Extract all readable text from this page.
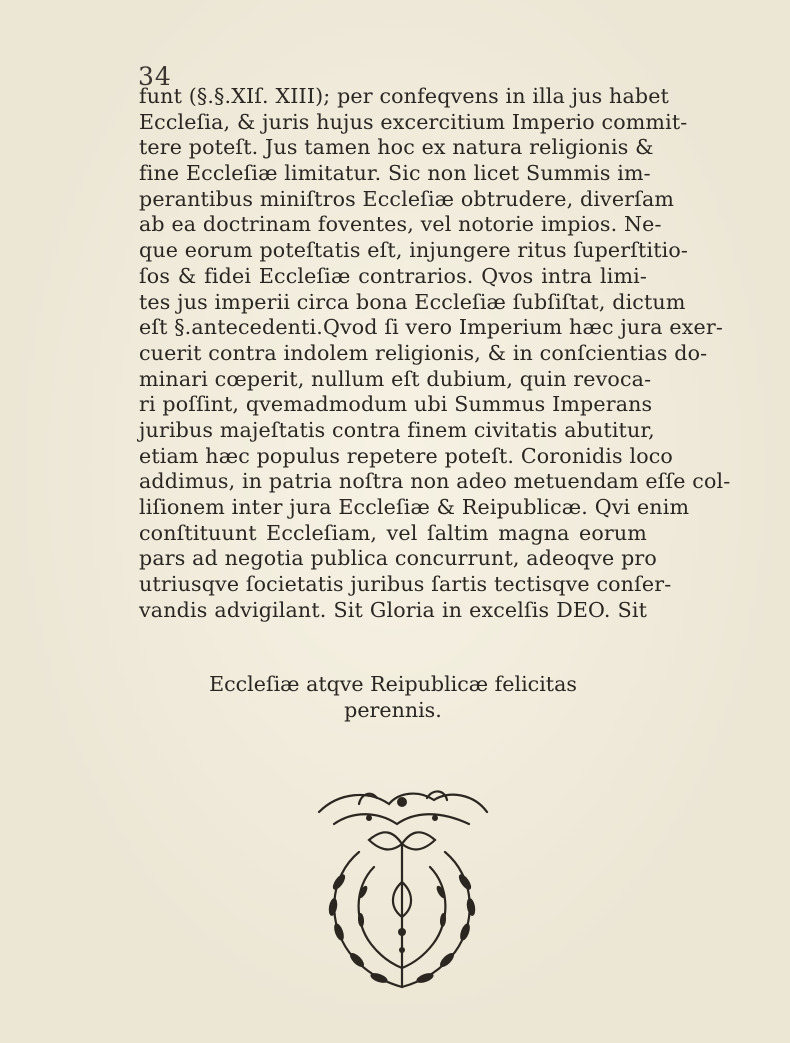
34
funt (§.§.XIſ. XIII); per confeqvens in illa jus habet
Eccleſia, & juris hujus excercitium Imperio commit-
tere poteſt. Jus tamen hoc ex natura religionis &
fine Eccleſiæ limitatur. Sic non licet Summis im-
perantibus miniſtros Eccleſiæ obtrudere, diverſam
ab ea doctrinam foventes, vel notorie impios. Ne-
que eorum poteſtatis eſt, injungere ritus ſuperſtitio-
ſos & fidei Eccleſiæ contrarios. Qvos intra limi-
tes jus imperii circa bona Eccleſiæ ſubſiſtat, dictum
eſt §.antecedenti.Qvod ſi vero Imperium hæc jura exer-
cuerit contra indolem religionis, & in conſcientias do-
minari cœperit, nullum eſt dubium, quin revoca-
ri poſſint, qvemadmodum ubi Summus Imperans
juribus majeſtatis contra finem civitatis abutitur,
etiam hæc populus repetere poteſt. Coronidis loco
addimus, in patria noſtra non adeo metuendam eſſe col-
liſionem inter jura Eccleſiæ & Reipublicæ. Qvi enim
conſtituunt Eccleſiam, vel ſaltim magna eorum
pars ad negotia publica concurrunt, adeoqve pro
utriusqve ſocietatis juribus ſartis tectisqve conſer-
vandis advigilant. Sit Gloria in excelſis DEO. Sit
Eccleſiæ atqve Reipublicæ felicitas
perennis.
